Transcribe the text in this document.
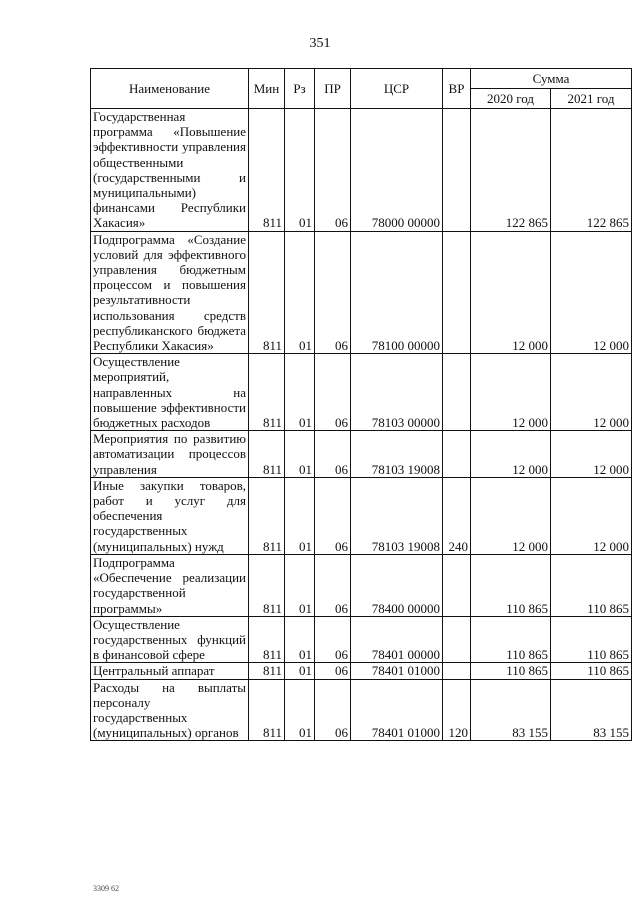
351
Наименование	Мин	Рз	ПР	ЦСР	ВР	Сумма	
						2020 год	2021 год
Государственная программа «Повышение эффективности управления общественными (государственными и муниципальными) финансами Республики Хакасия»	811	01	06	78000 00000		122 865	122 865
Подпрограмма «Создание условий для эффективного управления бюджетным процессом и повышения результативности использования средств республиканского бюджета Республики Хакасия»	811	01	06	78100 00000		12 000	12 000
Осуществление мероприятий, направленных на повышение эффективности бюджетных расходов	811	01	06	78103 00000		12 000	12 000
Мероприятия по развитию автоматизации процессов управления	811	01	06	78103 19008		12 000	12 000
Иные закупки товаров, работ и услуг для обеспечения государственных (муниципальных) нужд	811	01	06	78103 19008	240	12 000	12 000
Подпрограмма «Обеспечение реализации государственной программы»	811	01	06	78400 00000		110 865	110 865
Осуществление государственных функций в финансовой сфере	811	01	06	78401 00000		110 865	110 865
Центральный аппарат	811	01	06	78401 01000		110 865	110 865
Расходы на выплаты персоналу государственных (муниципальных) органов	811	01	06	78401 01000	120	83 155	83 155
3309 62
